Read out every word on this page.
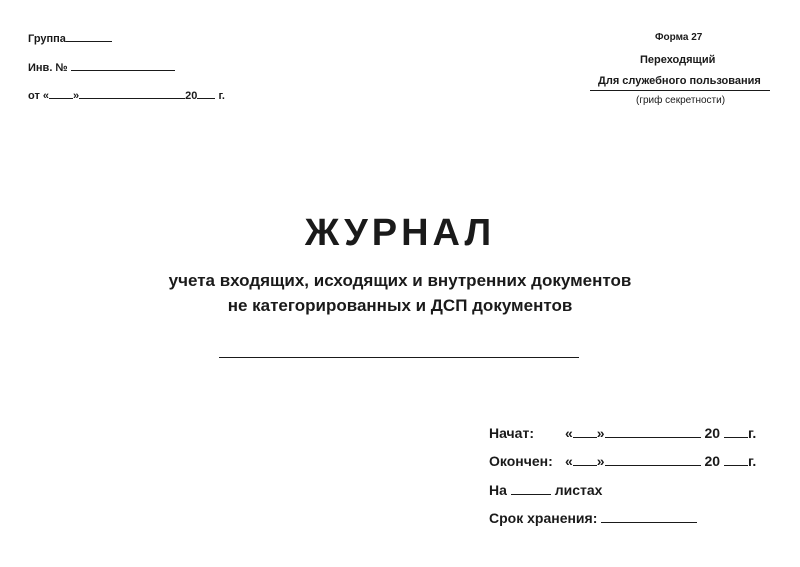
Группа
Инв. №
от « »	20 г.
Форма 27
Переходящий
Для служебного пользования
(гриф секретности)
ЖУРНАЛ
учета входящих, исходящих и внутренних документов
не категорированных и ДСП документов
Начат: « »	20 г.
Окончен: « »	20 г.
На	листах
Срок хранения:
